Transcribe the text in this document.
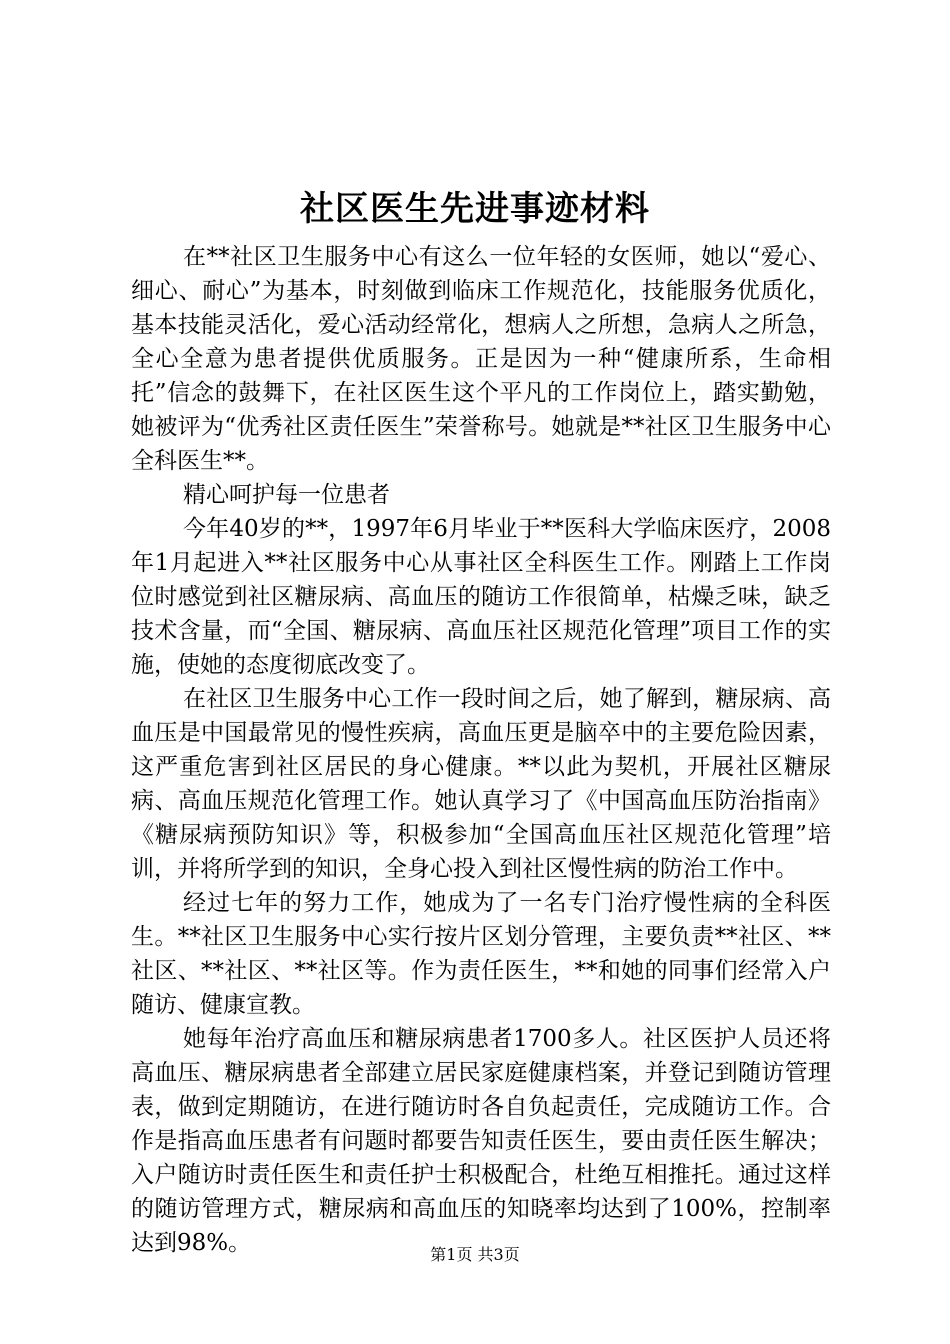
社区医生先进事迹材料

在**社区卫生服务中心有这么一位年轻的女医师，她以“爱心、细心、耐心”为基本，时刻做到临床工作规范化，技能服务优质化，基本技能灵活化，爱心活动经常化，想病人之所想，急病人之所急，全心全意为患者提供优质服务。正是因为一种“健康所系，生命相托”信念的鼓舞下，在社区医生这个平凡的工作岗位上，踏实勤勉，她被评为“优秀社区责任医生”荣誉称号。她就是**社区卫生服务中心全科医生**。

精心呵护每一位患者

今年40岁的**，1997年6月毕业于**医科大学临床医疗，2008年1月起进入**社区服务中心从事社区全科医生工作。刚踏上工作岗位时感觉到社区糖尿病、高血压的随访工作很简单，枯燥乏味，缺乏技术含量，而“全国、糖尿病、高血压社区规范化管理”项目工作的实施，使她的态度彻底改变了。

在社区卫生服务中心工作一段时间之后，她了解到，糖尿病、高血压是中国最常见的慢性疾病，高血压更是脑卒中的主要危险因素，这严重危害到社区居民的身心健康。**以此为契机，开展社区糖尿病、高血压规范化管理工作。她认真学习了《中国高血压防治指南》《糖尿病预防知识》等，积极参加“全国高血压社区规范化管理”培训，并将所学到的知识，全身心投入到社区慢性病的防治工作中。

经过七年的努力工作，她成为了一名专门治疗慢性病的全科医生。**社区卫生服务中心实行按片区划分管理，主要负责**社区、**社区、**社区、**社区等。作为责任医生，**和她的同事们经常入户随访、健康宣教。

她每年治疗高血压和糖尿病患者1700多人。社区医护人员还将高血压、糖尿病患者全部建立居民家庭健康档案，并登记到随访管理表，做到定期随访，在进行随访时各自负起责任，完成随访工作。合作是指高血压患者有问题时都要告知责任医生，要由责任医生解决；入户随访时责任医生和责任护士积极配合，杜绝互相推托。通过这样的随访管理方式，糖尿病和高血压的知晓率均达到了100%，控制率达到98%。	第1页 共3页
